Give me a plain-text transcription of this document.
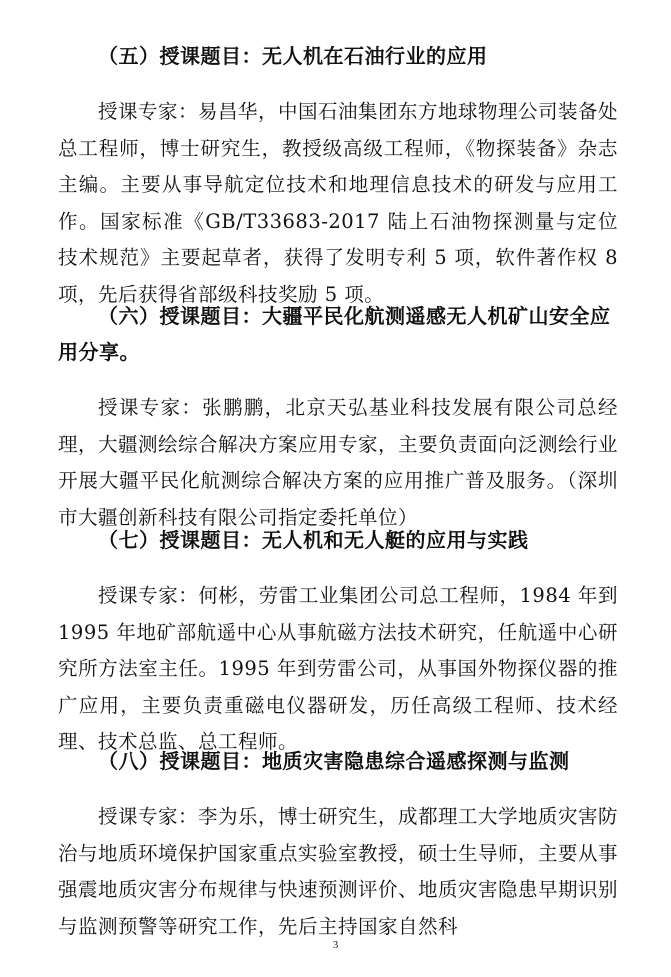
（五）授课题目：无人机在石油行业的应用

授课专家：易昌华，中国石油集团东方地球物理公司装备处总工程师，博士研究生，教授级高级工程师，《物探装备》杂志主编。主要从事导航定位技术和地理信息技术的研发与应用工作。国家标准《GB/T33683-2017 陆上石油物探测量与定位技术规范》主要起草者，获得了发明专利 5 项，软件著作权 8 项，先后获得省部级科技奖励 5 项。

（六）授课题目：大疆平民化航测遥感无人机矿山安全应用分享。

授课专家：张鹏鹏，北京天弘基业科技发展有限公司总经理，大疆测绘综合解决方案应用专家，主要负责面向泛测绘行业开展大疆平民化航测综合解决方案的应用推广普及服务。（深圳市大疆创新科技有限公司指定委托单位）

（七）授课题目：无人机和无人艇的应用与实践

授课专家：何彬，劳雷工业集团公司总工程师，1984 年到 1995 年地矿部航遥中心从事航磁方法技术研究，任航遥中心研究所方法室主任。1995 年到劳雷公司，从事国外物探仪器的推广应用，主要负责重磁电仪器研发，历任高级工程师、技术经理、技术总监、总工程师。

（八）授课题目：地质灾害隐患综合遥感探测与监测

授课专家：李为乐，博士研究生，成都理工大学地质灾害防治与地质环境保护国家重点实验室教授，硕士生导师，主要从事强震地质灾害分布规律与快速预测评价、地质灾害隐患早期识别与监测预警等研究工作，先后主持国家自然科

3
